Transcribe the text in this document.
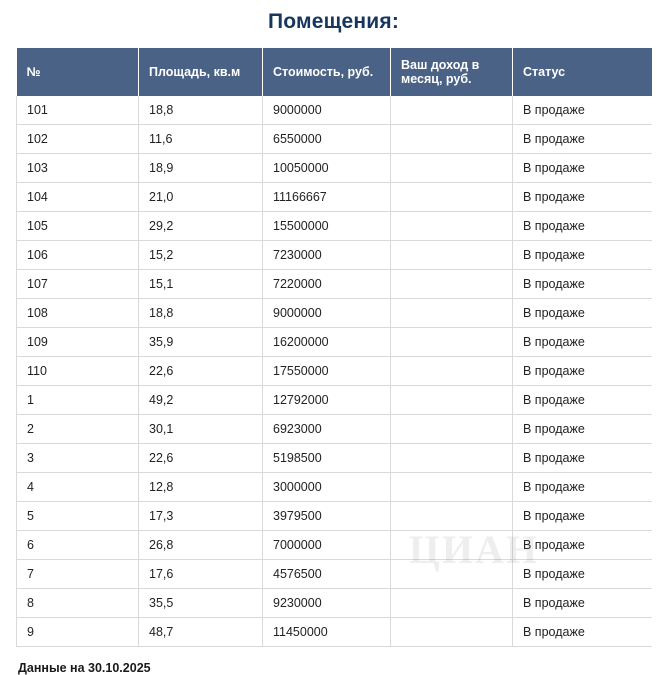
Помещения:
№	Площадь, кв.м	Стоимость, руб.	Ваш доход в месяц, руб.	Статус
101	18,8	9000000		В продаже
102	11,6	6550000		В продаже
103	18,9	10050000		В продаже
104	21,0	11166667		В продаже
105	29,2	15500000		В продаже
106	15,2	7230000		В продаже
107	15,1	7220000		В продаже
108	18,8	9000000		В продаже
109	35,9	16200000		В продаже
110	22,6	17550000		В продаже
1	49,2	12792000		В продаже
2	30,1	6923000		В продаже
3	22,6	5198500		В продаже
4	12,8	3000000		В продаже
5	17,3	3979500		В продаже
6	26,8	7000000		В продаже
7	17,6	4576500		В продаже
8	35,5	9230000		В продаже
9	48,7	11450000		В продаже
ЦИАН
Данные на 30.10.2025
